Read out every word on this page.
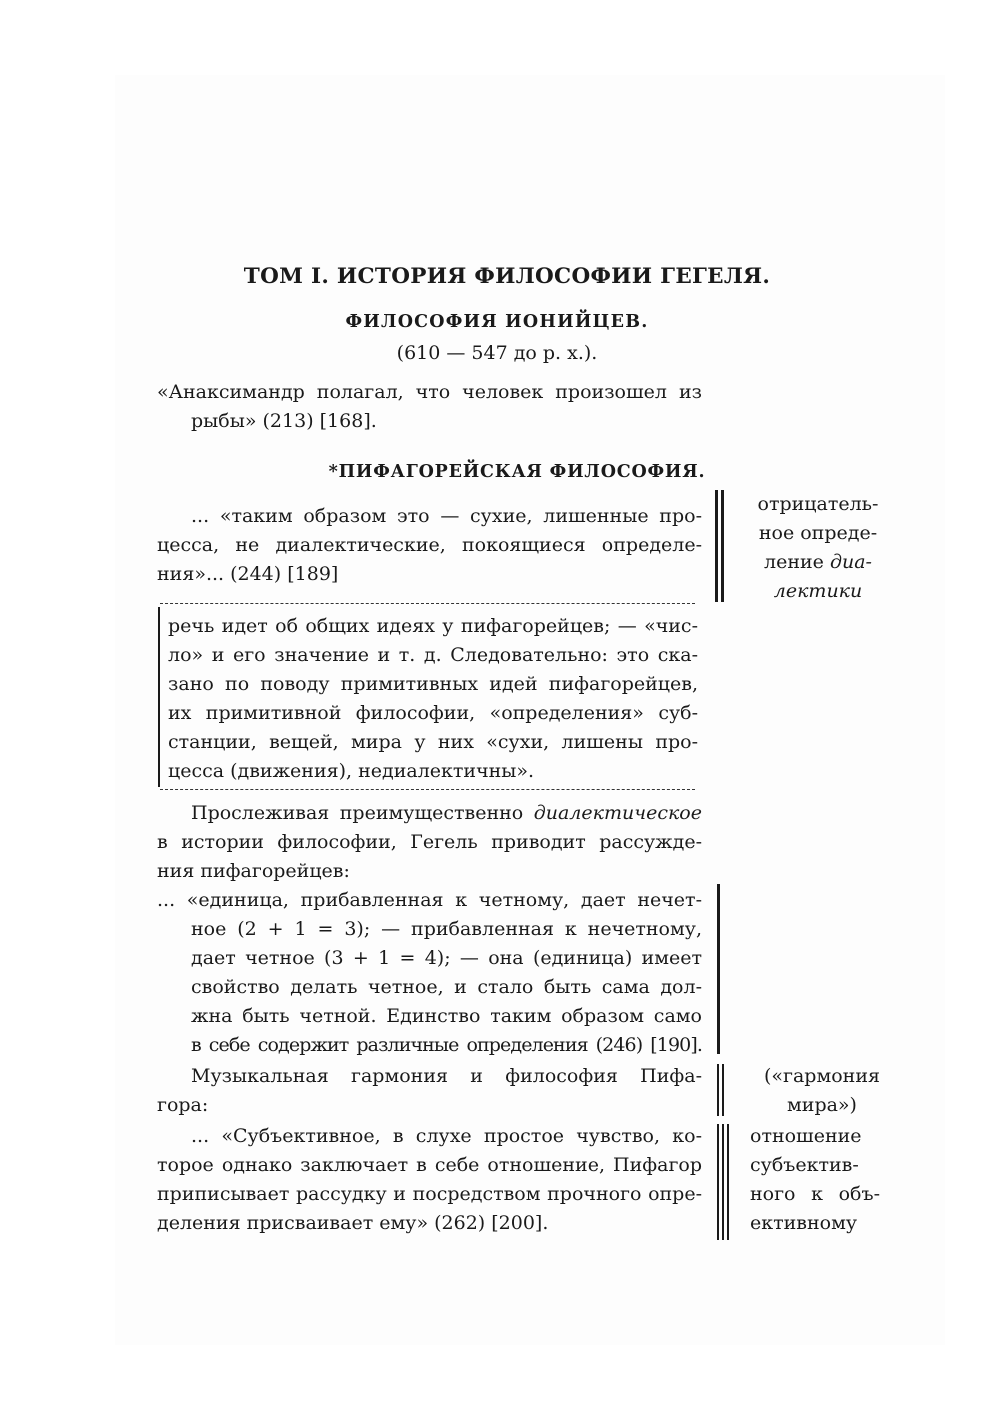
ТОМ I. ИСТОРИЯ ФИЛОСОФИИ ГЕГЕЛЯ.
ФИЛОСОФИЯ ИОНИЙЦЕВ.
(610 — 547 до р. х.).
«Анаксимандр полагал, что человек произошел из
рыбы» (213) [168].
*ПИФАГОРЕЙСКАЯ ФИЛОСОФИЯ.
... «таким образом это — сухие, лишенные про-
цесса, не диалектические, покоящиеся определе-
ния»... (244) [189]
отрицатель-
ное опреде-
ление диа-
лектики
речь идет об общих идеях у пифагорейцев; — «чис-
ло» и его значение и т. д. Следовательно: это ска-
зано по поводу примитивных идей пифагорейцев,
их примитивной философии, «определения» суб-
станции, вещей, мира у них «сухи, лишены про-
цесса (движения), недиалектичны».
Прослеживая преимущественно диалектическое
в истории философии, Гегель приводит рассужде-
ния пифагорейцев:
... «единица, прибавленная к четному, дает нечет-
ное (2 + 1 = 3); — прибавленная к нечетному,
дает четное (3 + 1 = 4); — она (единица) имеет
свойство делать четное, и стало быть сама дол-
жна быть четной. Единство таким образом само
в себе содержит различные определения (246) [190].
Музыкальная гармония и философия Пифа-
гора:
(«гармония
мира»)
... «Субъективное, в слухе простое чувство, ко-
торое однако заключает в себе отношение, Пифагор
приписывает рассудку и посредством прочного опре-
деления присваивает ему» (262) [200].
отношение
субъектив-
ного к объ-
ективному
